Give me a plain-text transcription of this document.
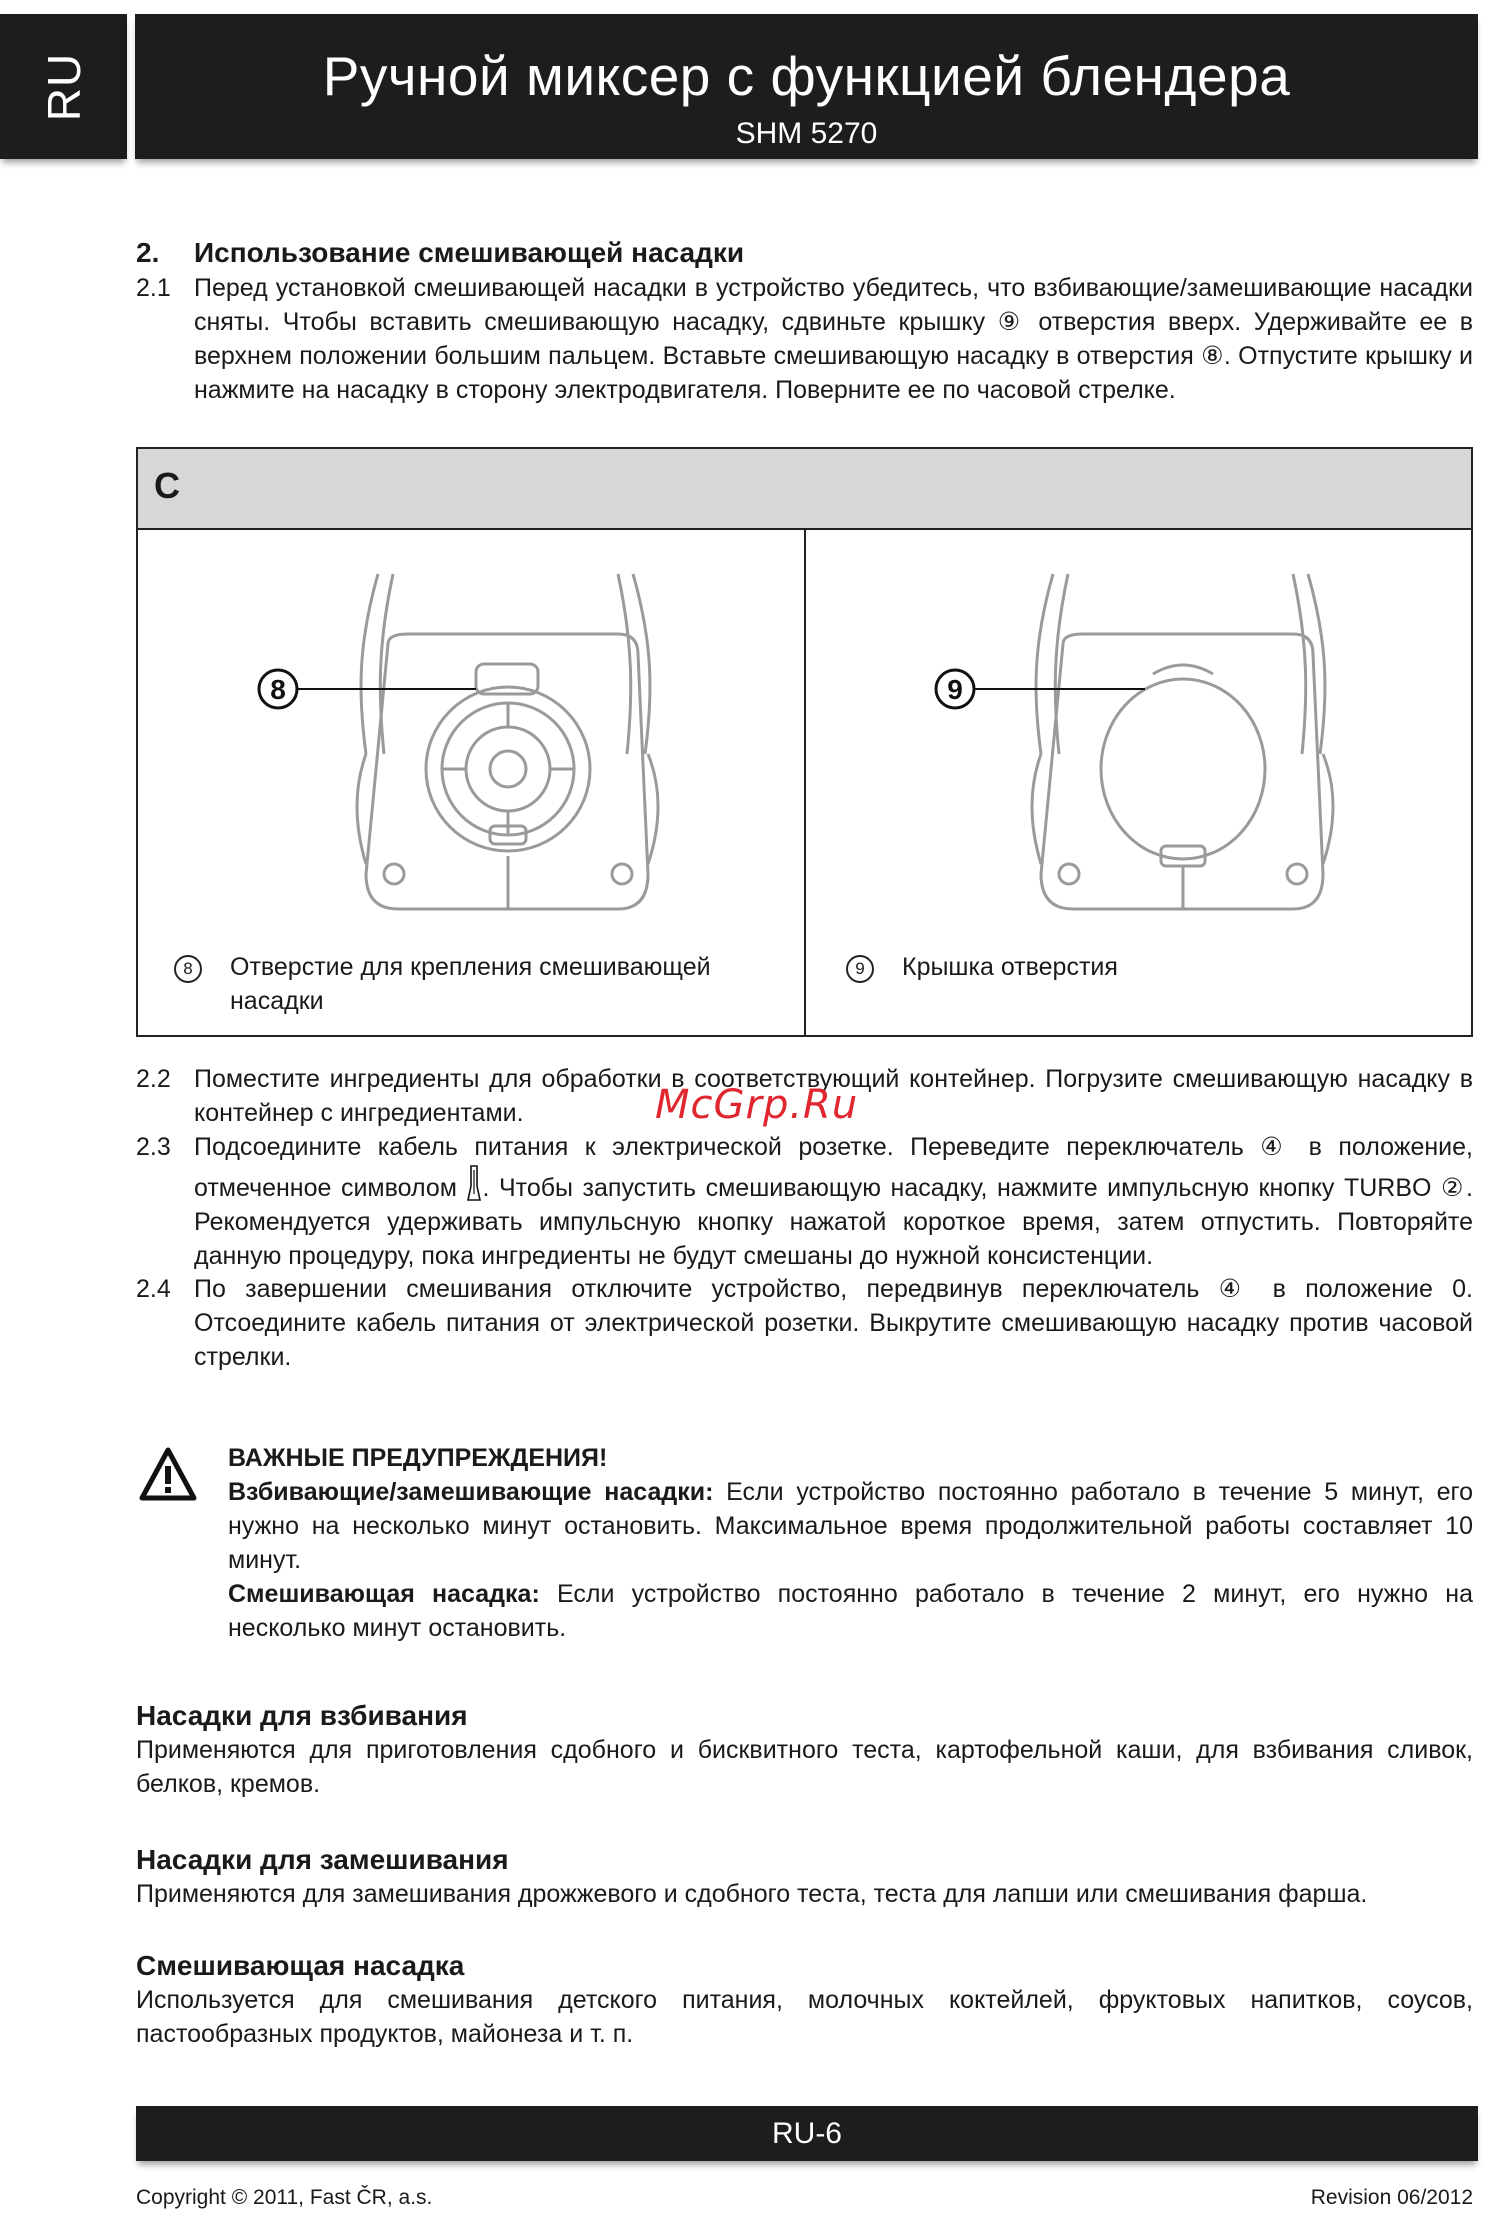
RU	Ручной миксер с функцией блендера
SHM 5270
2. Использование смешивающей насадки
2.1 Перед установкой смешивающей насадки в устройство убедитесь, что взбивающие/замешивающие насадки сняты. Чтобы вставить смешивающую насадку, сдвиньте крышку ⑨ отверстия вверх. Удерживайте ее в верхнем положении большим пальцем. Вставьте смешивающую насадку в отверстия ⑧. Отпустите крышку и нажмите на насадку в сторону электродвигателя. Поверните ее по часовой стрелке.
C
8	9
8	Отверстие для крепления смешивающей насадки
9	Крышка отверстия
2.2 Поместите ингредиенты для обработки в соответствующий контейнер. Погрузите смешивающую насадку в контейнер с ингредиентами.	McGrp.Ru
2.3 Подсоедините кабель питания к электрической розетке. Переведите переключатель ④ в положение, отмеченное символом . Чтобы запустить смешивающую насадку, нажмите импульсную кнопку TURBO ②. Рекомендуется удерживать импульсную кнопку нажатой короткое время, затем отпустить. Повторяйте данную процедуру, пока ингредиенты не будут смешаны до нужной консистенции.
2.4 По завершении смешивания отключите устройство, передвинув переключатель ④ в положение 0. Отсоедините кабель питания от электрической розетки. Выкрутите смешивающую насадку против часовой стрелки.
ВАЖНЫЕ ПРЕДУПРЕЖДЕНИЯ!
Взбивающие/замешивающие насадки: Если устройство постоянно работало в течение 5 минут, его нужно на несколько минут остановить. Максимальное время продолжительной работы составляет 10 минут.
Смешивающая насадка: Если устройство постоянно работало в течение 2 минут, его нужно на несколько минут остановить.
Насадки для взбивания
Применяются для приготовления сдобного и бисквитного теста, картофельной каши, для взбивания сливок, белков, кремов.
Насадки для замешивания
Применяются для замешивания дрожжевого и сдобного теста, теста для лапши или смешивания фарша.
Смешивающая насадка
Используется для смешивания детского питания, молочных коктейлей, фруктовых напитков, соусов, пастообразных продуктов, майонеза и т. п.
RU-6
Copyright © 2011, Fast ČR, a.s.	Revision 06/2012
